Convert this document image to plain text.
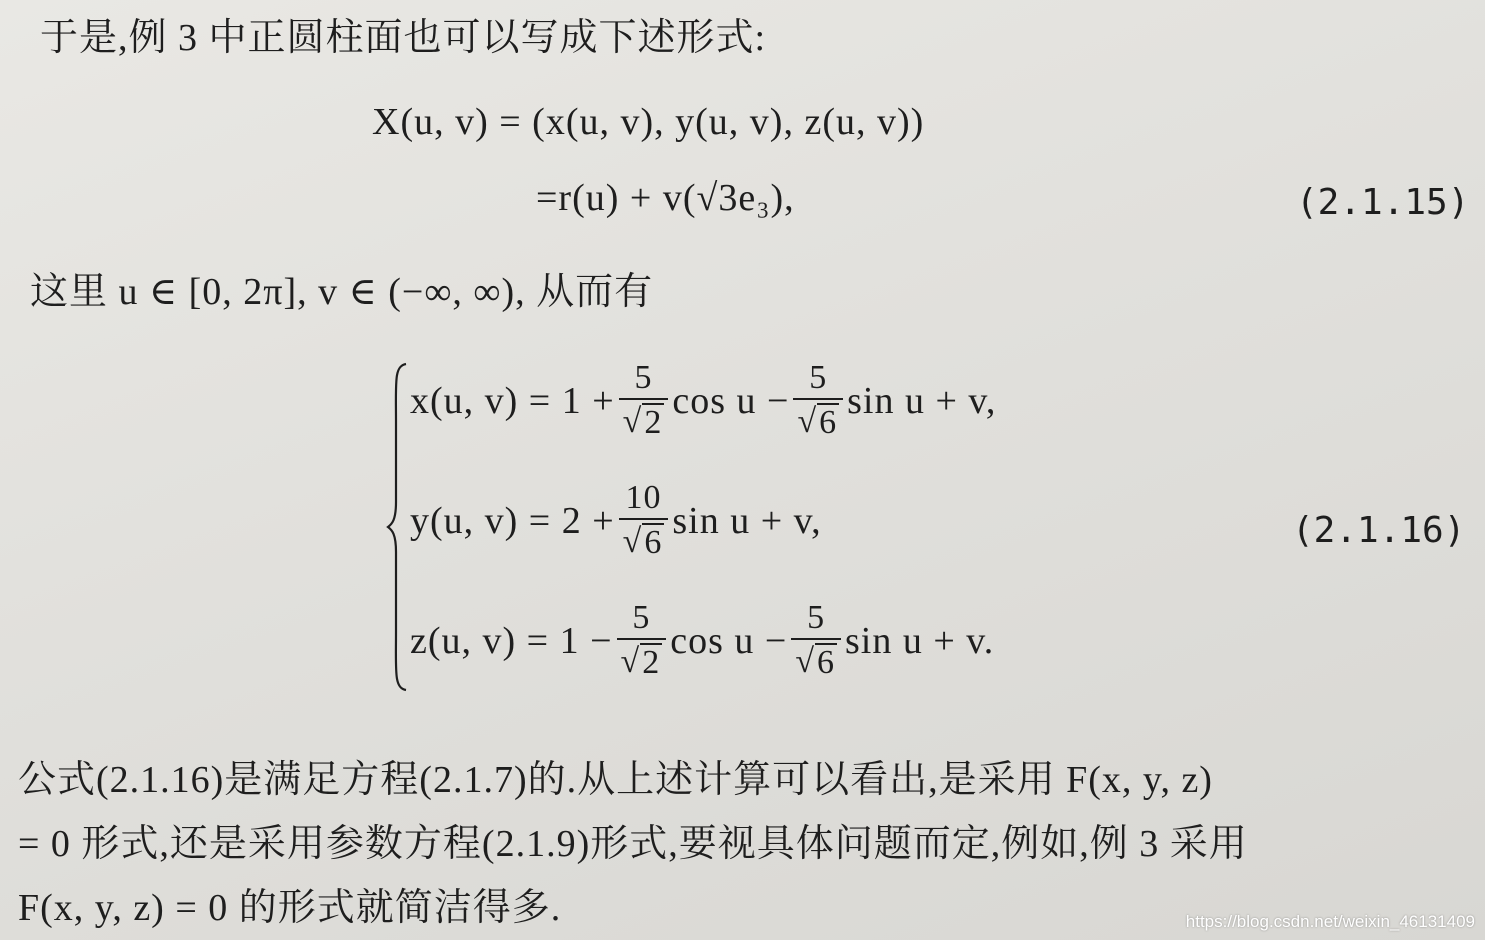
于是,例 3 中正圆柱面也可以写成下述形式:
X(u, v) = (x(u, v), y(u, v), z(u, v))
=r(u) + v(√3e₃),	(2.1.15)
这里 u ∈ [0, 2π], v ∈ (−∞, ∞), 从而有
x(u, $v) = 1 + \frac{5}{√ 2}$ $\cos u - \frac{5}{√ 6}$ sin u + v,
y(u, $v) = 2 + \frac{10}{√ 6}$ sin u + v,	(2.1.16)
z(u, $v) = 1 - \frac{5}{√ 2}$ $\cos u - \frac{5}{√ 6}$ sin u + v.
公式(2.1.16)是满足方程(2.1.7)的.从上述计算可以看出,是采用 F(x, y, z)
= 0 形式,还是采用参数方程(2.1.9)形式,要视具体问题而定,例如,例 3 采用
F(x, y, z) = 0 的形式就简洁得多.	https://blog.csdn.net/weixin_46131409
